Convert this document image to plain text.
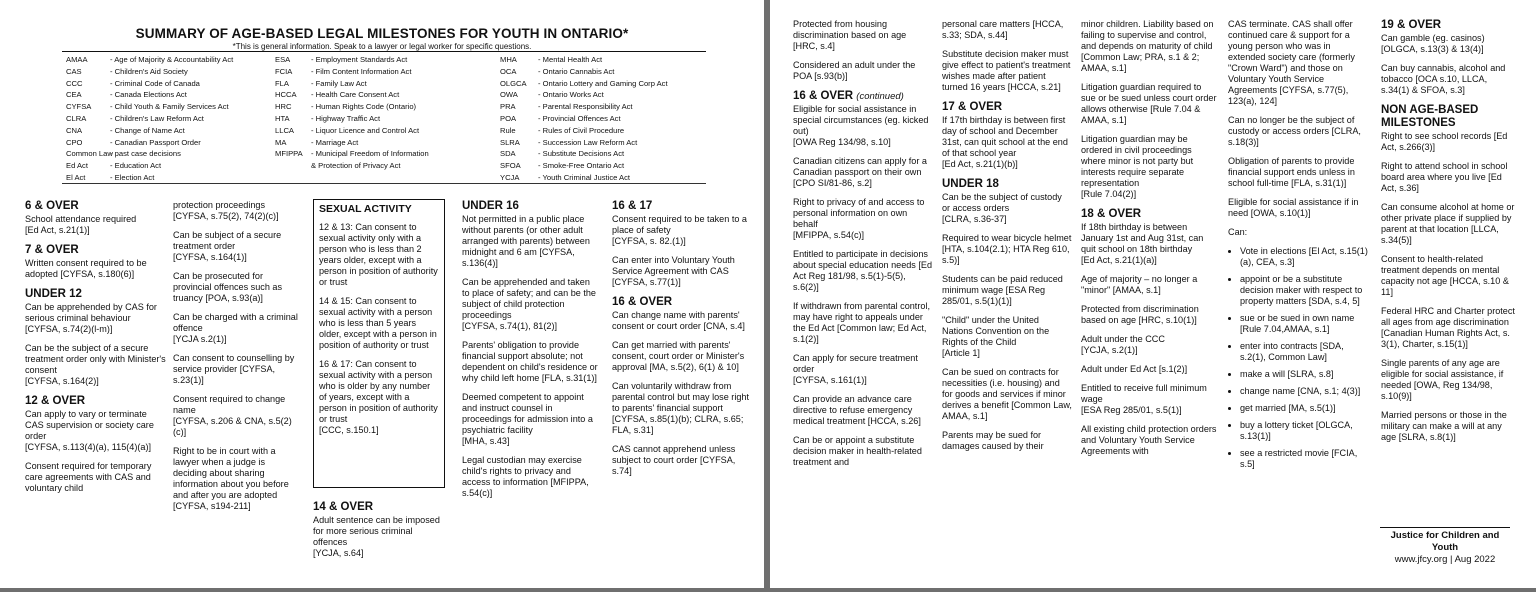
SUMMARY OF AGE-BASED LEGAL MILESTONES FOR YOUTH IN ONTARIO*
*This is general information. Speak to a lawyer or legal worker for specific questions.
AMAA	- Age of Majority & Accountability Act
CAS	- Children's Aid Society
CCC	- Criminal Code of Canada
CEA	- Canada Elections Act
CYFSA - Child Youth & Family Services Act
CLRA	- Children's Law Reform Act
CNA	- Change of Name Act
CPO	- Canadian Passport Order
Common Law- past case decisions
Ed Act	- Education Act
El Act	- Election Act
ESA	- Employment Standards Act
FCIA - Film Content Information Act
FLA	- Family Law Act
HCCA - Health Care Consent Act
HRC	- Human Rights Code (Ontario)
HTA	- Highway Traffic Act
LLCA - Liquor Licence and Control Act
MA	- Marriage Act
MFIPPA - Municipal Freedom of Information
& Protection of Privacy Act
MHA	- Mental Health Act
OCA	- Ontario Cannabis Act
OLGCA - Ontario Lottery and Gaming Corp Act
OWA	- Ontario Works Act
PRA	- Parental Responsibility Act
POA	- Provincial Offences Act
Rule	- Rules of Civil Procedure
SLRA - Succession Law Reform Act
SDA	- Substitute Decisions Act
SFOA - Smoke-Free Ontario Act
YCJA - Youth Criminal Justice Act
6 & OVER

School attendance required
[Ed Act, s.21(1)]

7 & OVER

Written consent required to be adopted [CYFSA, s.180(6)]

UNDER 12

Can be apprehended by CAS for serious criminal behaviour
[CYFSA, s.74(2)(l-m)]

Can be the subject of a secure treatment order only with Minister's consent
[CYFSA, s.164(2)]

12 & OVER

Can apply to vary or terminate CAS supervision or society care order
[CYFSA, s.113(4)(a), 115(4)(a)]

Consent required for temporary care agreements with CAS and voluntary child

protection proceedings
[CYFSA, s.75(2), 74(2)(c)]

Can be subject of a secure treatment order
[CYFSA, s.164(1)]

Can be prosecuted for provincial offences such as truancy [POA, s.93(a)]

Can be charged with a criminal offence
[YCJA s.2(1)]

Can consent to counselling by service provider [CYFSA, s.23(1)]

Consent required to change name
[CYFSA, s.206 & CNA, s.5(2)(c)]

Right to be in court with a lawyer when a judge is deciding about sharing information about you before and after you are adopted
[CYFSA, s194-211]

SEXUAL ACTIVITY

12 & 13: Can consent to sexual activity only with a person who is less than 2 years older, except with a person in position of authority or trust

14 & 15: Can consent to sexual activity with a person who is less than 5 years older, except with a person in position of authority or trust

16 & 17: Can consent to sexual activity with a person who is older by any number of years, except with a person in position of authority or trust
[CCC, s.150.1]

14 & OVER

Adult sentence can be imposed for more serious criminal offences
[YCJA, s.64]

UNDER 16

Not permitted in a public place without parents (or other adult arranged with parents) between midnight and 6 am [CYFSA, s.136(4)]

Can be apprehended and taken to place of safety; and can be the subject of child protection proceedings
[CYFSA, s.74(1), 81(2)]

Parents' obligation to provide financial support absolute; not dependent on child's residence or why child left home [FLA, s.31(1)]

Deemed competent to appoint and instruct counsel in proceedings for admission into a psychiatric facility
[MHA, s.43]

Legal custodian may exercise child's rights to privacy and access to information [MFIPPA, s.54(c)]

16 & 17

Consent required to be taken to a place of safety
[CYFSA, s. 82.(1)]

Can enter into Voluntary Youth Service Agreement with CAS [CYFSA, s.77(1)]

16 & OVER

Can change name with parents' consent or court order [CNA, s.4]

Can get married with parents' consent, court order or Minister's approval [MA, s.5(2), 6(1) & 10]

Can voluntarily withdraw from parental control but may lose right to parents' financial support
[CYFSA, s.85(1)(b); CLRA, s.65; FLA, s.31]

CAS cannot apprehend unless subject to court order [CYFSA, s.74]

Protected from housing discrimination based on age [HRC, s.4]

Considered an adult under the POA [s.93(b)]

16 & OVER (continued)

Eligible for social assistance in special circumstances (eg. kicked out)
[OWA Reg 134/98, s.10]

Canadian citizens can apply for a Canadian passport on their own [CPO SI/81-86, s.2]

Right to privacy of and access to personal information on own behalf
[MFIPPA, s.54(c)]

Entitled to participate in decisions about special education needs [Ed Act Reg 181/98, s.5(1)-5(5), s.6(2)]

If withdrawn from parental control, may have right to appeals under the Ed Act [Common law; Ed Act, s.1(2)]

Can apply for secure treatment order
[CYFSA, s.161(1)]

Can provide an advance care directive to refuse emergency medical treatment [HCCA, s.26]

Can be or appoint a substitute decision maker in health-related treatment and

personal care matters [HCCA, s.33; SDA, s.44]

Substitute decision maker must give effect to patient's treatment wishes made after patient turned 16 years [HCCA, s.21]

17 & OVER

If 17th birthday is between first day of school and December 31st, can quit school at the end of that school year
[Ed Act, s.21(1)(b)]

UNDER 18

Can be the subject of custody or access orders
[CLRA, s.36-37]

Required to wear bicycle helmet [HTA, s.104(2.1); HTA Reg 610, s.5)]

Students can be paid reduced minimum wage [ESA Reg 285/01, s.5(1)(1)]

"Child" under the United Nations Convention on the Rights of the Child
[Article 1]

Can be sued on contracts for necessities (i.e. housing) and for goods and services if minor derives a benefit [Common Law, AMAA, s.1]

Parents may be sued for damages caused by their

minor children. Liability based on failing to supervise and control, and depends on maturity of child [Common Law; PRA, s.1 & 2; AMAA, s.1]

Litigation guardian required to sue or be sued unless court order allows otherwise [Rule 7.04 & AMAA, s.1]

Litigation guardian may be ordered in civil proceedings where minor is not party but interests require separate representation
[Rule 7.04(2)]

18 & OVER

If 18th birthday is between January 1st and Aug 31st, can quit school on 18th birthday
[Ed Act, s.21(1)(a)]

Age of majority – no longer a "minor" [AMAA, s.1]

Protected from discrimination based on age [HRC, s.10(1)]

Adult under the CCC
[YCJA, s.2(1)]

Adult under Ed Act [s.1(2)]

Entitled to receive full minimum wage
[ESA Reg 285/01, s.5(1)]

All existing child protection orders and Voluntary Youth Service Agreements with

CAS terminate. CAS shall offer continued care & support for a young person who was in extended society care (formerly "Crown Ward") and those on Voluntary Youth Service Agreements [CYFSA, s.77(5), 123(a), 124]

Can no longer be the subject of custody or access orders [CLRA, s.18(3)]

Obligation of parents to provide financial support ends unless in school full-time [FLA, s.31(1)]

Eligible for social assistance if in need [OWA, s.10(1)]

Can:

• Vote in elections [El Act, s.15(1)(a), CEA, s.3]
• appoint or be a substitute decision maker with respect to property matters [SDA, s.4, 5]
• sue or be sued in own name [Rule 7.04,AMAA, s.1]
• enter into contracts [SDA, s.2(1), Common Law]
• make a will [SLRA, s.8]
• change name [CNA, s.1; 4(3)]
• get married [MA, s.5(1)]
• buy a lottery ticket [OLGCA, s.13(1)]
• see a restricted movie [FCIA, s.5]
19 & OVER

Can gamble (eg. casinos) [OLGCA, s.13(3) & 13(4)]

Can buy cannabis, alcohol and tobacco [OCA s.10, LLCA, s.34(1) & SFOA, s.3]

NON AGE-BASED MILESTONES

Right to see school records [Ed Act, s.266(3)]

Right to attend school in school board area where you live [Ed Act, s.36]

Can consume alcohol at home or other private place if supplied by parent at that location [LLCA, s.34(5)]

Consent to health-related treatment depends on mental capacity not age [HCCA, s.10 & 11]

Federal HRC and Charter protect all ages from age discrimination [Canadian Human Rights Act, s. 3(1), Charter, s.15(1)]

Single parents of any age are eligible for social assistance, if needed [OWA, Reg 134/98, s.10(9)]

Married persons or those in the military can make a will at any age [SLRA, s.8(1)]

Justice for Children and Youth
www.jfcy.org | Aug 2022
